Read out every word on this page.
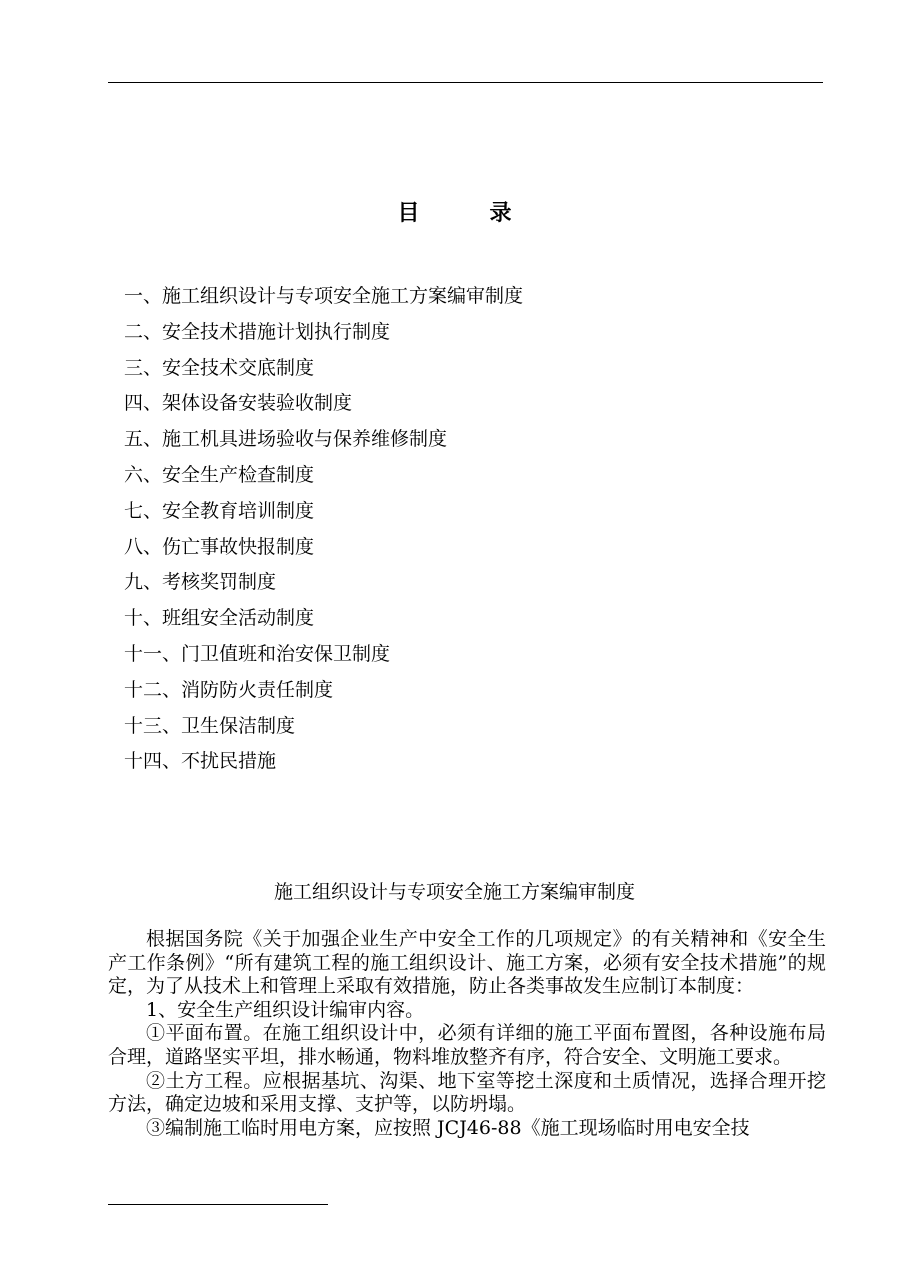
目	录
一、施工组织设计与专项安全施工方案编审制度
二、安全技术措施计划执行制度
三、安全技术交底制度
四、架体设备安装验收制度
五、施工机具进场验收与保养维修制度
六、安全生产检查制度
七、安全教育培训制度
八、伤亡事故快报制度
九、考核奖罚制度
十、班组安全活动制度
十一、门卫值班和治安保卫制度
十二、消防防火责任制度
十三、卫生保洁制度
十四、不扰民措施
施工组织设计与专项安全施工方案编审制度

根据国务院《关于加强企业生产中安全工作的几项规定》的有关精神和《安全生产工作条例》“所有建筑工程的施工组织设计、施工方案，必须有安全技术措施”的规定，为了从技术上和管理上采取有效措施，防止各类事故发生应制订本制度：

1、安全生产组织设计编审内容。

①平面布置。在施工组织设计中，必须有详细的施工平面布置图，各种设施布局合理，道路坚实平坦，排水畅通，物料堆放整齐有序，符合安全、文明施工要求。

②土方工程。应根据基坑、沟渠、地下室等挖土深度和土质情况，选择合理开挖方法，确定边坡和采用支撑、支护等，以防坍塌。

③编制施工临时用电方案，应按照 JCJ46-88《施工现场临时用电安全技
